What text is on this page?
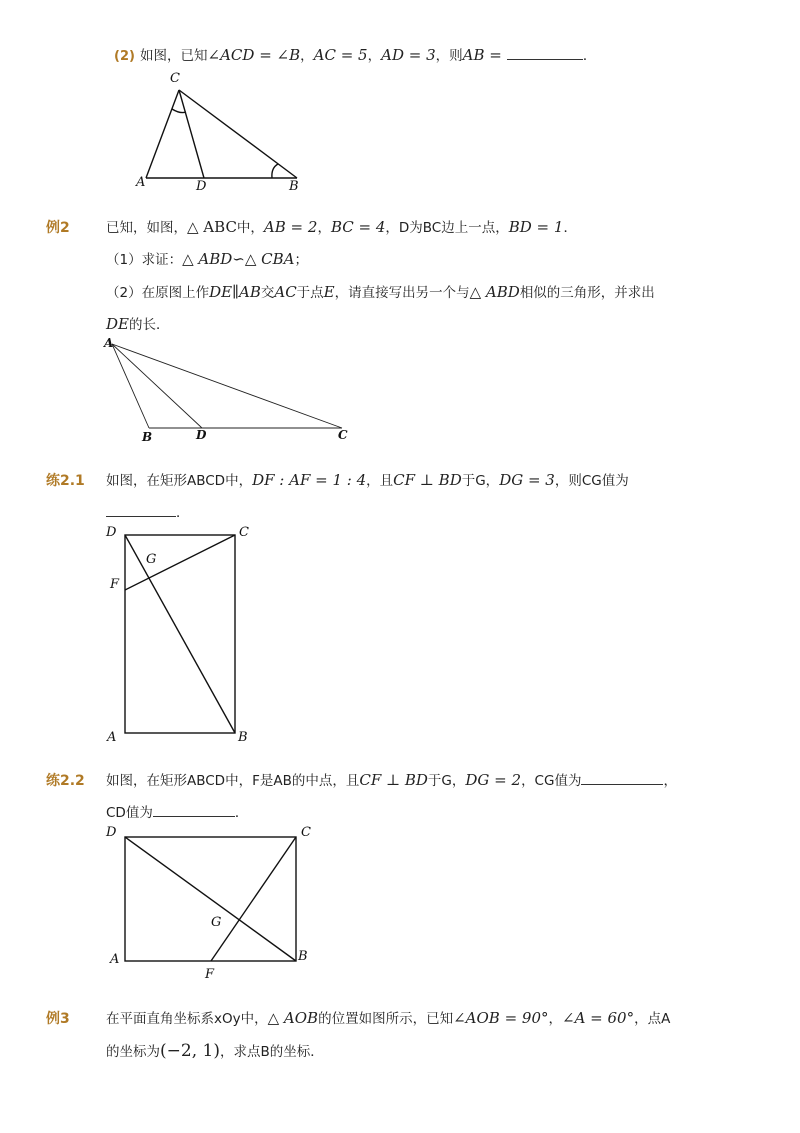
(2) 如图，已知∠ACD = ∠B，AC = 5，AD = 3，则AB =	．
C
A	D	B
例2	已知，如图，△ ABC中，AB = 2，BC = 4，D为BC边上一点，BD = 1．
（1）求证：△ ABD∽△ CBA；
（2）在原图上作DE∥AB交AC于点E，请直接写出另一个与△ ABD相似的三角形，并求出
DE的长．
A
B	D	C
练2.1 如图，在矩形ABCD中，DF : AF = 1 : 4，且CF ⊥ BD于G，DG = 3，则CG值为
．
D	C
G
F
A	B
练2.2 如图，在矩形ABCD中，F是AB的中点，且CF ⊥ BD于G，DG = 2，CG值为	，
CD值为	．
D	C
G
A	B
F
例3	在平面直角坐标系xOy中，△ AOB的位置如图所示，已知∠AOB = 90°，∠A = 60°，点A
的坐标为(−2, 1)，求点B的坐标．
